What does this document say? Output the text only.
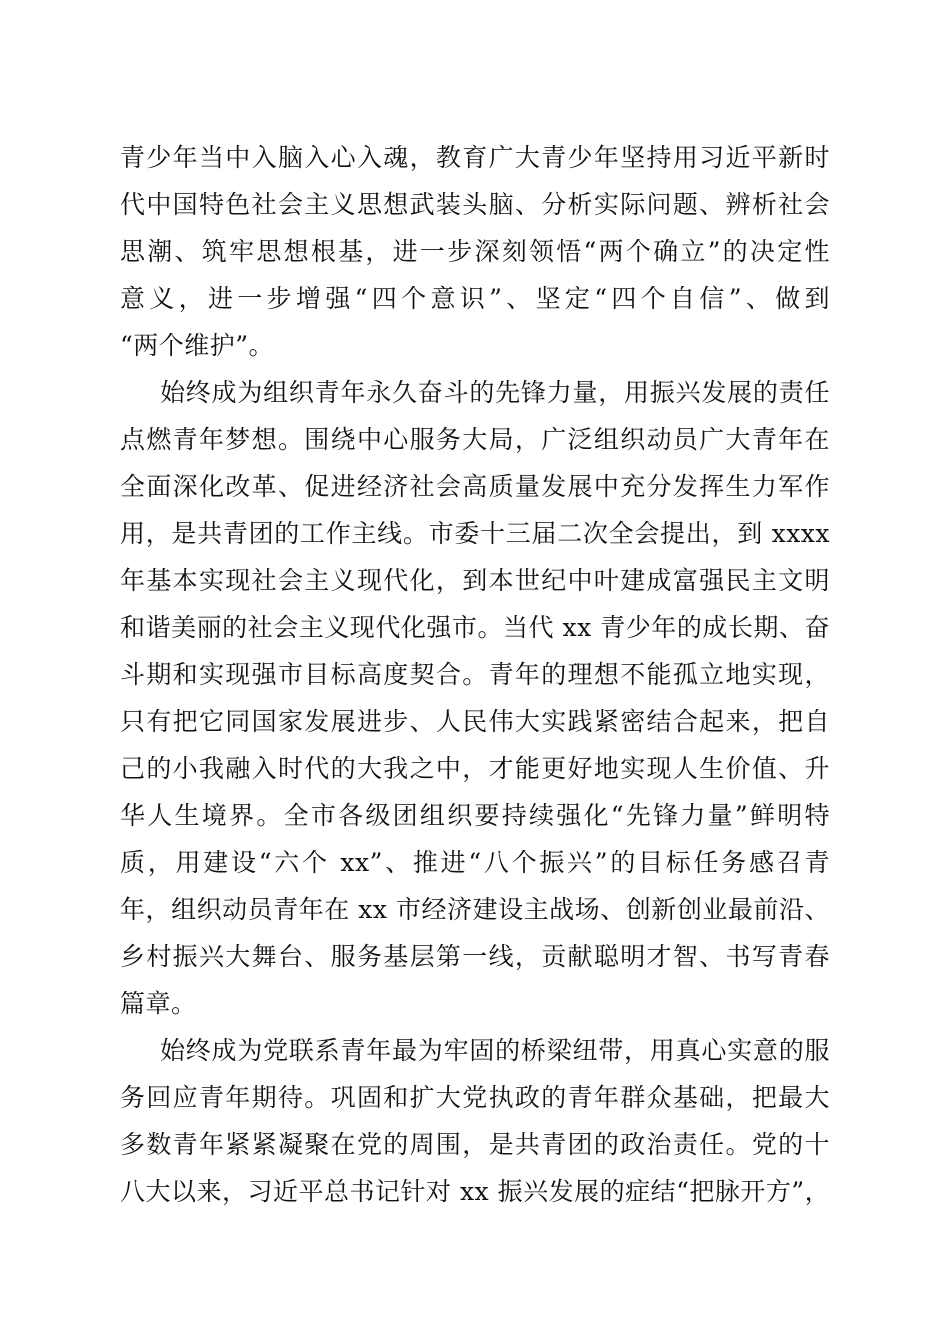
青少年当中入脑入心入魂，教育广大青少年坚持用习近平新时
代中国特色社会主义思想武装头脑、分析实际问题、辨析社会
思潮、筑牢思想根基，进一步深刻领悟“两个确立”的决定性
意义，进一步增强“四个意识”、坚定“四个自信”、做到
“两个维护”。
始终成为组织青年永久奋斗的先锋力量，用振兴发展的责任
点燃青年梦想。围绕中心服务大局，广泛组织动员广大青年在
全面深化改革、促进经济社会高质量发展中充分发挥生力军作
用，是共青团的工作主线。市委十三届二次全会提出，到 xxxx
年基本实现社会主义现代化，到本世纪中叶建成富强民主文明
和谐美丽的社会主义现代化强市。当代 xx 青少年的成长期、奋
斗期和实现强市目标高度契合。青年的理想不能孤立地实现，
只有把它同国家发展进步、人民伟大实践紧密结合起来，把自
己的小我融入时代的大我之中，才能更好地实现人生价值、升
华人生境界。全市各级团组织要持续强化“先锋力量”鲜明特
质，用建设“六个 xx”、推进“八个振兴”的目标任务感召青
年，组织动员青年在 xx 市经济建设主战场、创新创业最前沿、
乡村振兴大舞台、服务基层第一线，贡献聪明才智、书写青春
篇章。
始终成为党联系青年最为牢固的桥梁纽带，用真心实意的服
务回应青年期待。巩固和扩大党执政的青年群众基础，把最大
多数青年紧紧凝聚在党的周围，是共青团的政治责任。党的十
八大以来，习近平总书记针对 xx 振兴发展的症结“把脉开方”，
